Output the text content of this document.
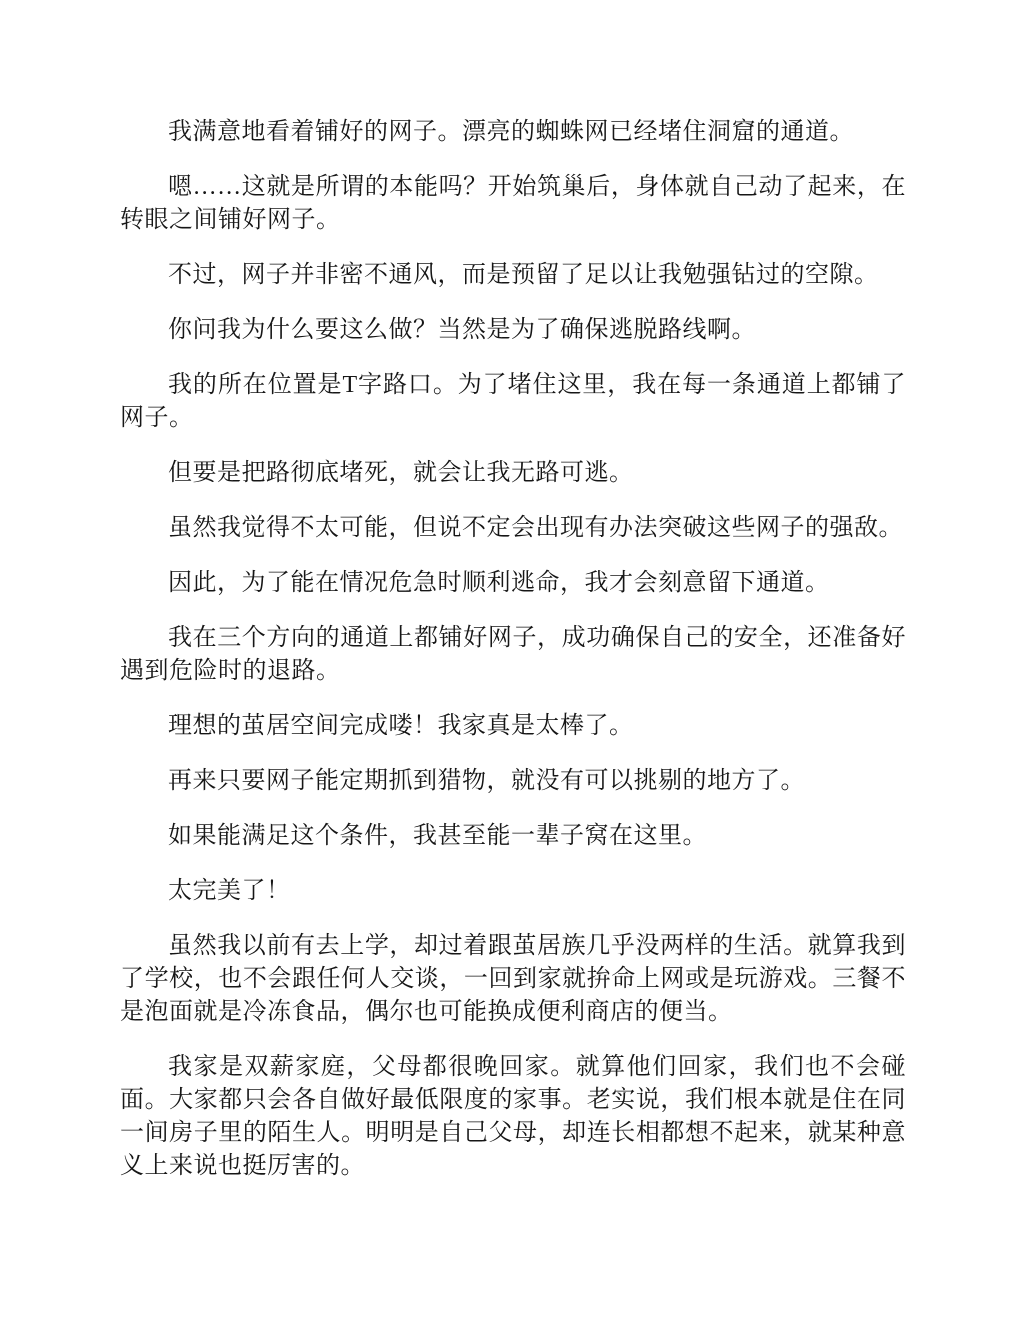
我满意地看着铺好的网子。漂亮的蜘蛛网已经堵住洞窟的通道。

嗯……这就是所谓的本能吗？开始筑巢后，身体就自己动了起来，在转眼之间铺好网子。

不过，网子并非密不通风，而是预留了足以让我勉强钻过的空隙。

你问我为什么要这么做？当然是为了确保逃脱路线啊。

我的所在位置是T字路口。为了堵住这里，我在每一条通道上都铺了网子。

但要是把路彻底堵死，就会让我无路可逃。

虽然我觉得不太可能，但说不定会出现有办法突破这些网子的强敌。

因此，为了能在情况危急时顺利逃命，我才会刻意留下通道。

我在三个方向的通道上都铺好网子，成功确保自己的安全，还准备好遇到危险时的退路。

理想的茧居空间完成喽！我家真是太棒了。

再来只要网子能定期抓到猎物，就没有可以挑剔的地方了。

如果能满足这个条件，我甚至能一辈子窝在这里。

太完美了！

虽然我以前有去上学，却过着跟茧居族几乎没两样的生活。就算我到了学校，也不会跟任何人交谈，一回到家就拚命上网或是玩游戏。三餐不是泡面就是冷冻食品，偶尔也可能换成便利商店的便当。

我家是双薪家庭，父母都很晚回家。就算他们回家，我们也不会碰面。大家都只会各自做好最低限度的家事。老实说，我们根本就是住在同一间房子里的陌生人。明明是自己父母，却连长相都想不起来，就某种意义上来说也挺厉害的。
